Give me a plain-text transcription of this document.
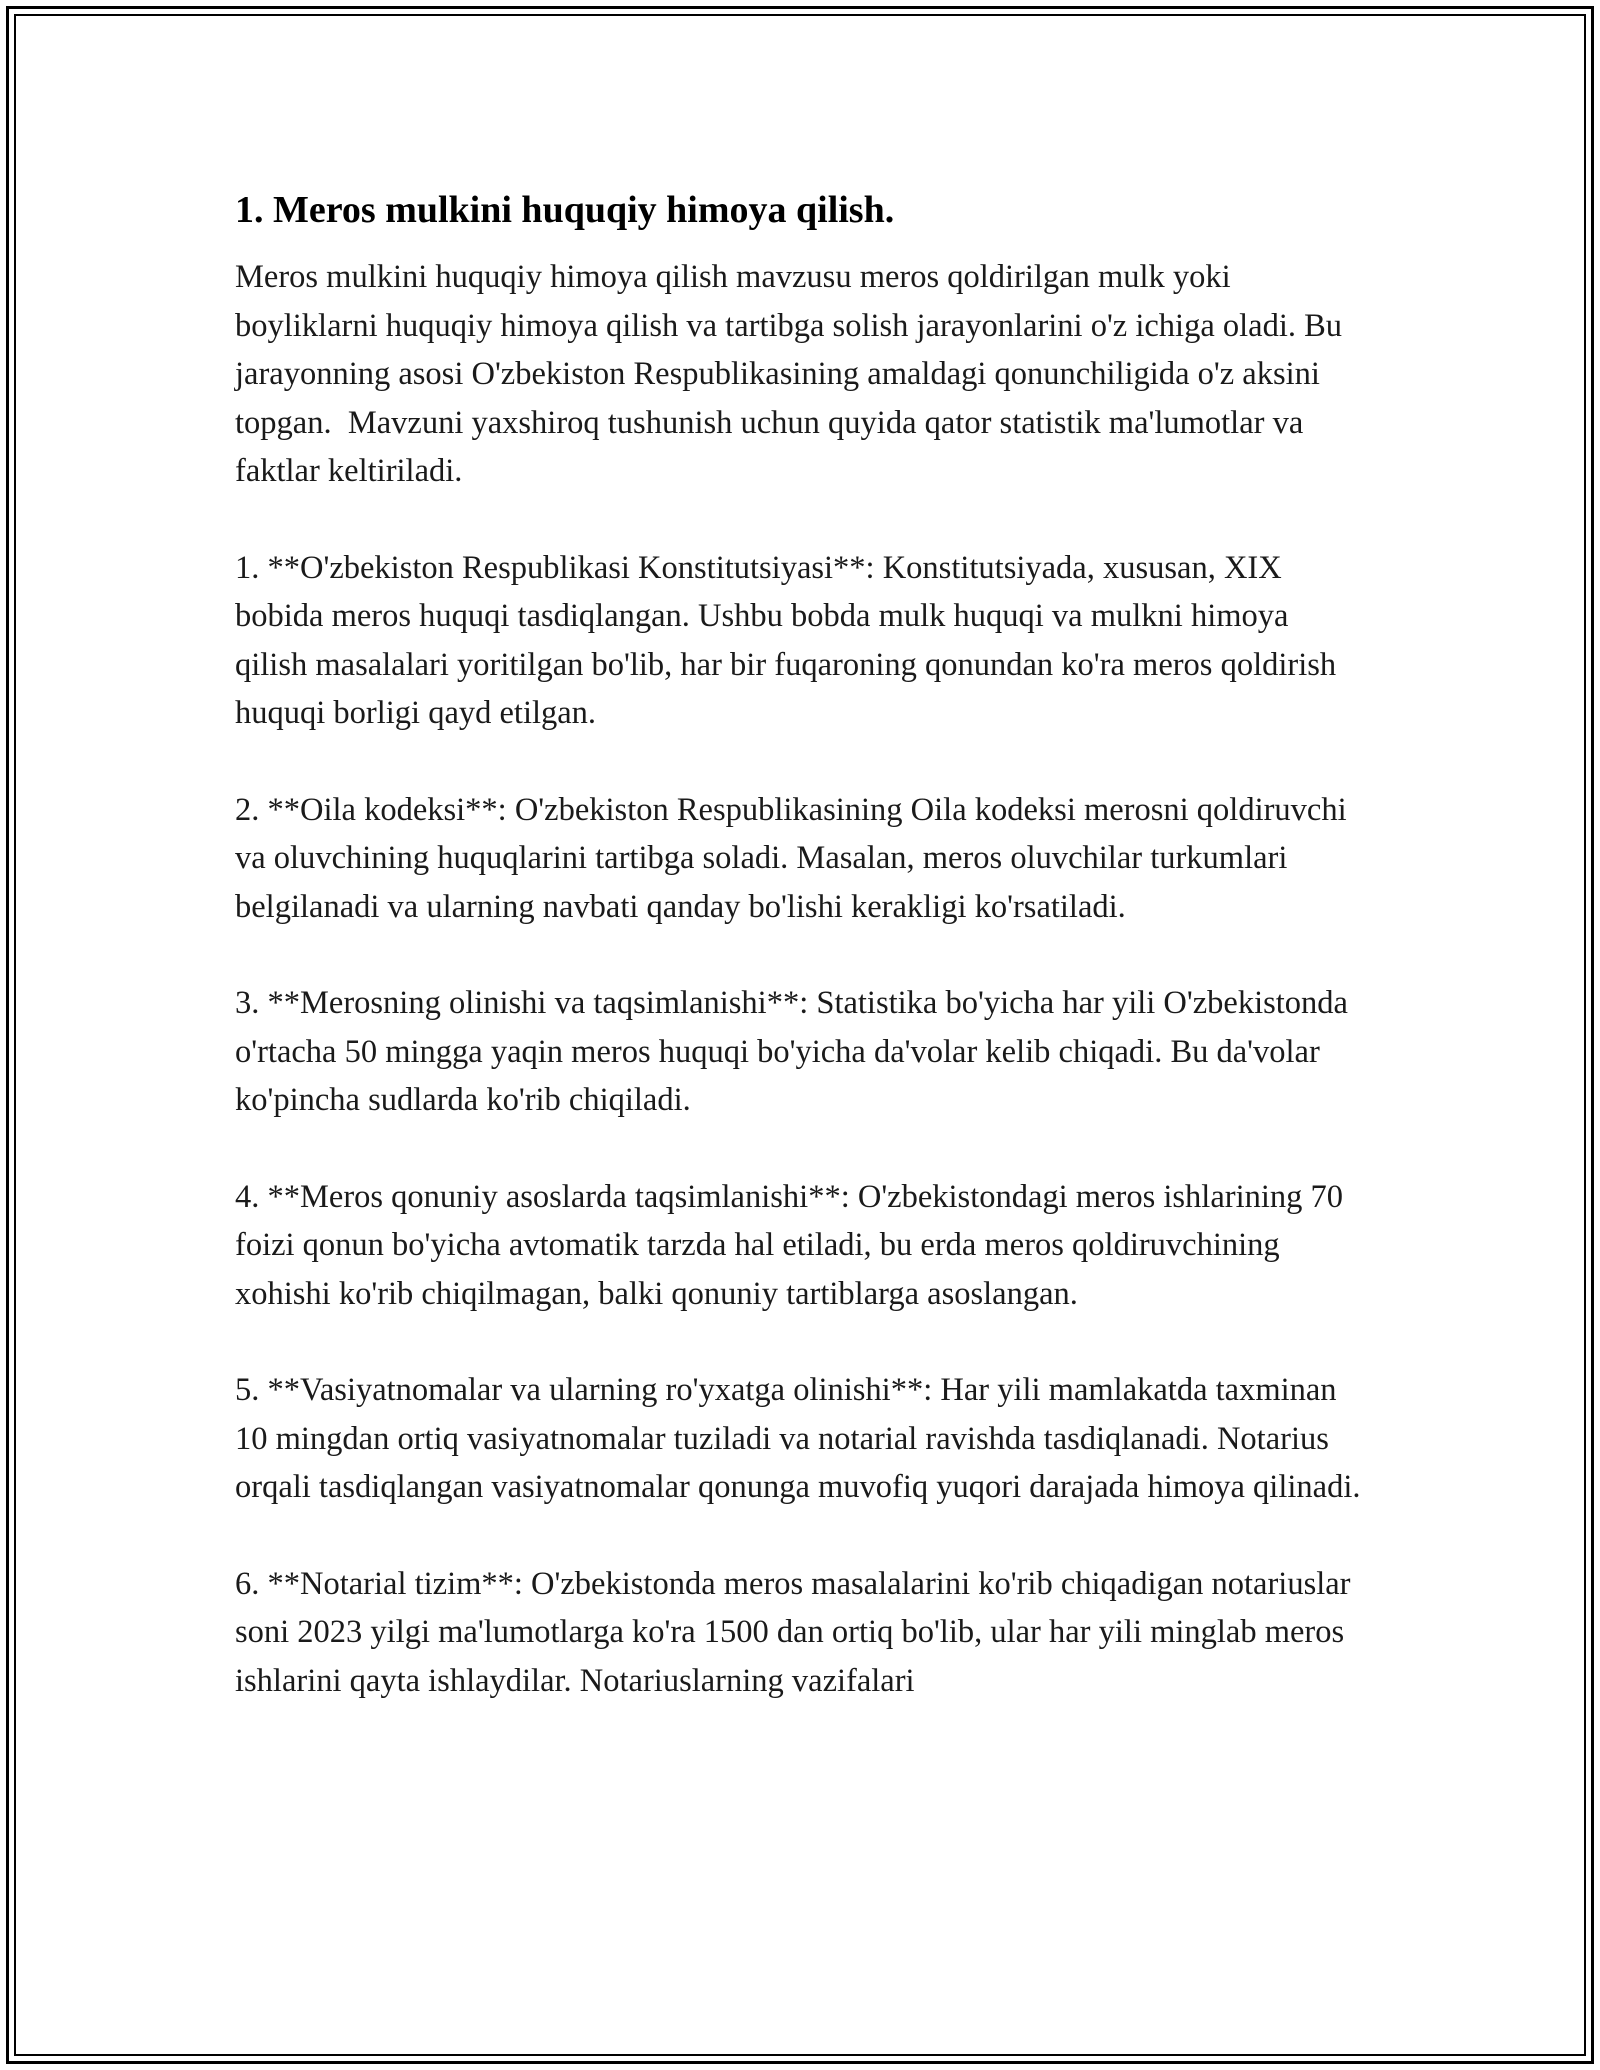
1. Meros mulkini huquqiy himoya qilish.

Meros mulkini huquqiy himoya qilish mavzusu meros qoldirilgan mulk yoki boyliklarni huquqiy himoya qilish va tartibga solish jarayonlarini o'z ichiga oladi. Bu jarayonning asosi O'zbekiston Respublikasining amaldagi qonunchiligida o'z aksini topgan.  Mavzuni yaxshiroq tushunish uchun quyida qator statistik ma'lumotlar va faktlar keltiriladi.

1. **O'zbekiston Respublikasi Konstitutsiyasi**: Konstitutsiyada, xususan, XIX bobida meros huquqi tasdiqlangan. Ushbu bobda mulk huquqi va mulkni himoya qilish masalalari yoritilgan bo'lib, har bir fuqaroning qonundan ko'ra meros qoldirish huquqi borligi qayd etilgan.

2. **Oila kodeksi**: O'zbekiston Respublikasining Oila kodeksi merosni qoldiruvchi va oluvchining huquqlarini tartibga soladi. Masalan, meros oluvchilar turkumlari belgilanadi va ularning navbati qanday bo'lishi kerakligi ko'rsatiladi.

3. **Merosning olinishi va taqsimlanishi**: Statistika bo'yicha har yili O'zbekistonda o'rtacha 50 mingga yaqin meros huquqi bo'yicha da'volar kelib chiqadi. Bu da'volar ko'pincha sudlarda ko'rib chiqiladi.

4. **Meros qonuniy asoslarda taqsimlanishi**: O'zbekistondagi meros ishlarining 70 foizi qonun bo'yicha avtomatik tarzda hal etiladi, bu erda meros qoldiruvchining xohishi ko'rib chiqilmagan, balki qonuniy tartiblarga asoslangan.

5. **Vasiyatnomalar va ularning ro'yxatga olinishi**: Har yili mamlakatda taxminan 10 mingdan ortiq vasiyatnomalar tuziladi va notarial ravishda tasdiqlanadi. Notarius orqali tasdiqlangan vasiyatnomalar qonunga muvofiq yuqori darajada himoya qilinadi.

6. **Notarial tizim**: O'zbekistonda meros masalalarini ko'rib chiqadigan notariuslar soni 2023 yilgi ma'lumotlarga ko'ra 1500 dan ortiq bo'lib, ular har yili minglab meros ishlarini qayta ishlaydilar. Notariuslarning vazifalari
